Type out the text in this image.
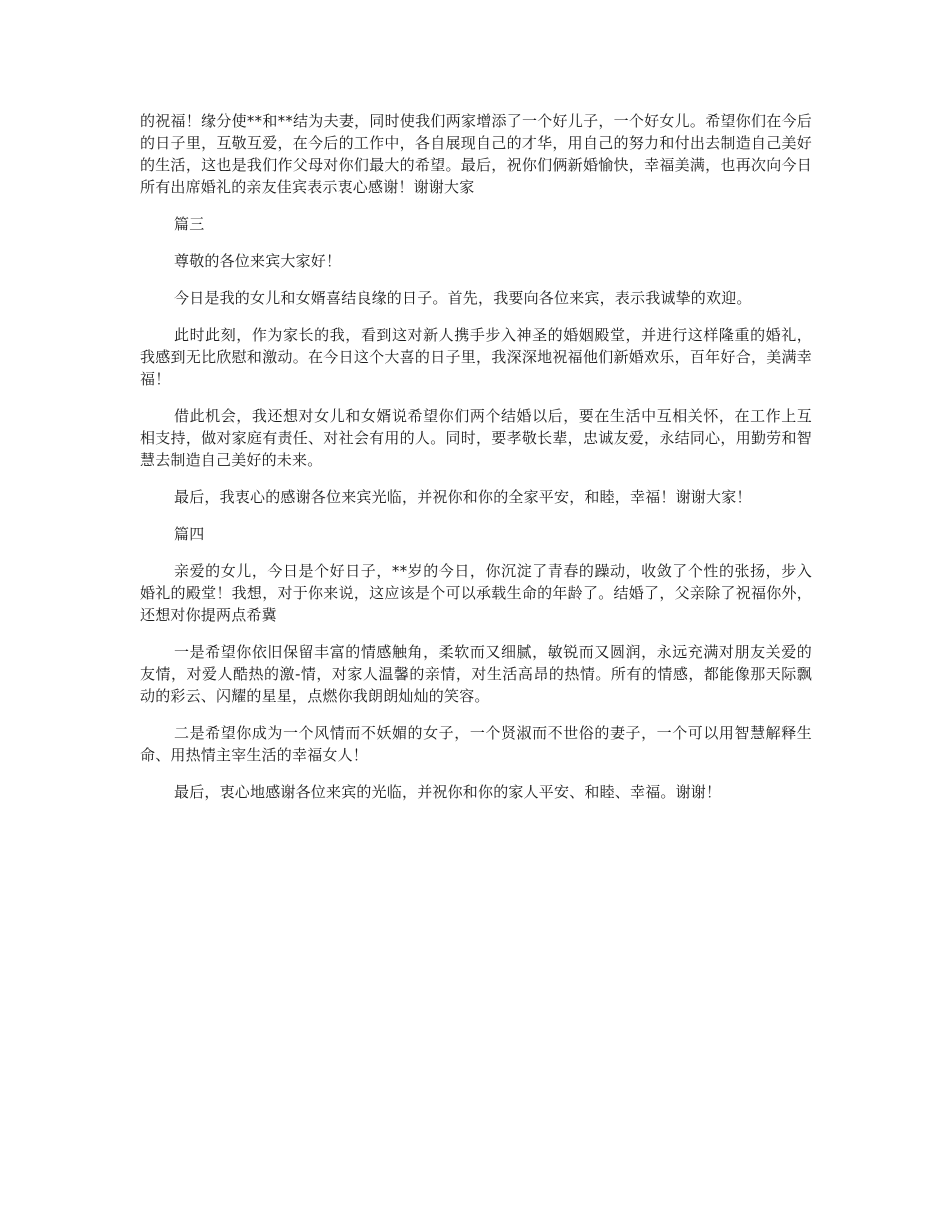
的祝福！缘分使**和**结为夫妻，同时使我们两家增添了一个好儿子，一个好女儿。希望你们在今后的日子里，互敬互爱，在今后的工作中，各自展现自己的才华，用自己的努力和付出去制造自己美好的生活，这也是我们作父母对你们最大的希望。最后，祝你们俩新婚愉快，幸福美满，也再次向今日所有出席婚礼的亲友佳宾表示衷心感谢！谢谢大家

篇三

尊敬的各位来宾大家好！

今日是我的女儿和女婿喜结良缘的日子。首先，我要向各位来宾，表示我诚挚的欢迎。

此时此刻，作为家长的我，看到这对新人携手步入神圣的婚姻殿堂，并进行这样隆重的婚礼，我感到无比欣慰和激动。在今日这个大喜的日子里，我深深地祝福他们新婚欢乐，百年好合，美满幸福！

借此机会，我还想对女儿和女婿说希望你们两个结婚以后，要在生活中互相关怀，在工作上互相支持，做对家庭有责任、对社会有用的人。同时，要孝敬长辈，忠诚友爱，永结同心，用勤劳和智慧去制造自己美好的未来。

最后，我衷心的感谢各位来宾光临，并祝你和你的全家平安，和睦，幸福！谢谢大家！

篇四

亲爱的女儿，今日是个好日子，**岁的今日，你沉淀了青春的躁动，收敛了个性的张扬，步入婚礼的殿堂！我想，对于你来说，这应该是个可以承载生命的年龄了。结婚了，父亲除了祝福你外，还想对你提两点希冀

一是希望你依旧保留丰富的情感触角，柔软而又细腻，敏锐而又圆润，永远充满对朋友关爱的友情，对爱人酷热的激-情，对家人温馨的亲情，对生活高昂的热情。所有的情感，都能像那天际飘动的彩云、闪耀的星星，点燃你我朗朗灿灿的笑容。

二是希望你成为一个风情而不妖媚的女子，一个贤淑而不世俗的妻子，一个可以用智慧解释生命、用热情主宰生活的幸福女人！

最后，衷心地感谢各位来宾的光临，并祝你和你的家人平安、和睦、幸福。谢谢！
